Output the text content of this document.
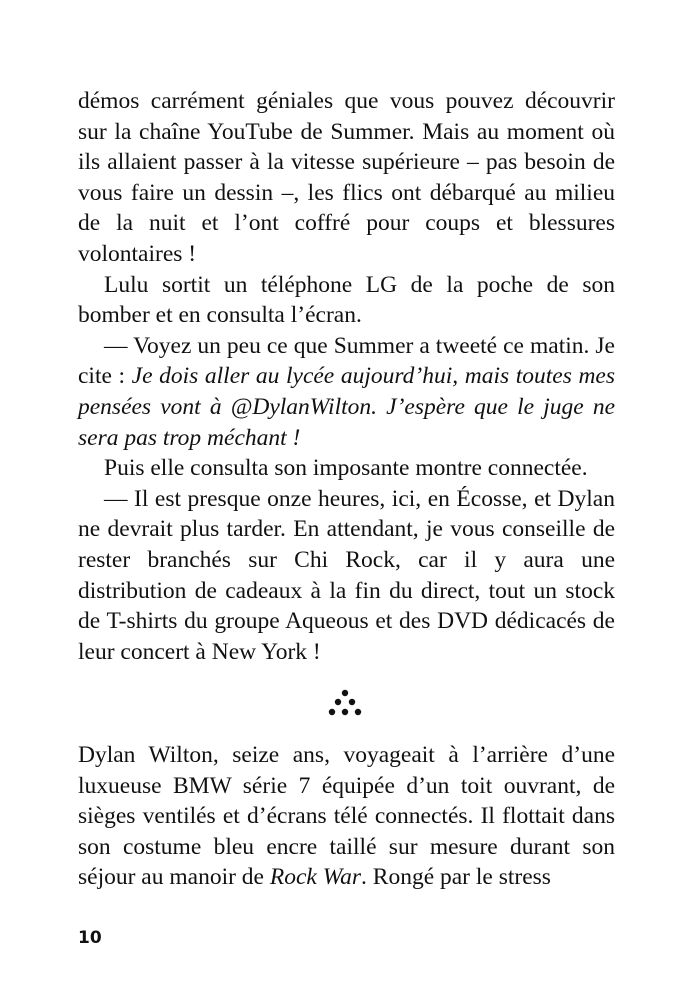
démos carrément géniales que vous pouvez découvrir sur la chaîne YouTube de Summer. Mais au moment où ils allaient passer à la vitesse supérieure – pas besoin de vous faire un dessin –, les flics ont débarqué au milieu de la nuit et l’ont coffré pour coups et blessures volontaires !

Lulu sortit un téléphone LG de la poche de son bomber et en consulta l’écran.

— Voyez un peu ce que Summer a tweeté ce matin. Je cite : Je dois aller au lycée aujourd’hui, mais toutes mes pensées vont à @DylanWilton. J’espère que le juge ne sera pas trop méchant !

Puis elle consulta son imposante montre connectée.

— Il est presque onze heures, ici, en Écosse, et Dylan ne devrait plus tarder. En attendant, je vous conseille de rester branchés sur Chi Rock, car il y aura une distribution de cadeaux à la fin du direct, tout un stock de T-shirts du groupe Aqueous et des DVD dédicacés de leur concert à New York !

Dylan Wilton, seize ans, voyageait à l’arrière d’une luxueuse BMW série 7 équipée d’un toit ouvrant, de sièges ventilés et d’écrans télé connectés. Il flottait dans son costume bleu encre taillé sur mesure durant son séjour au manoir de Rock War. Rongé par le stress

10
